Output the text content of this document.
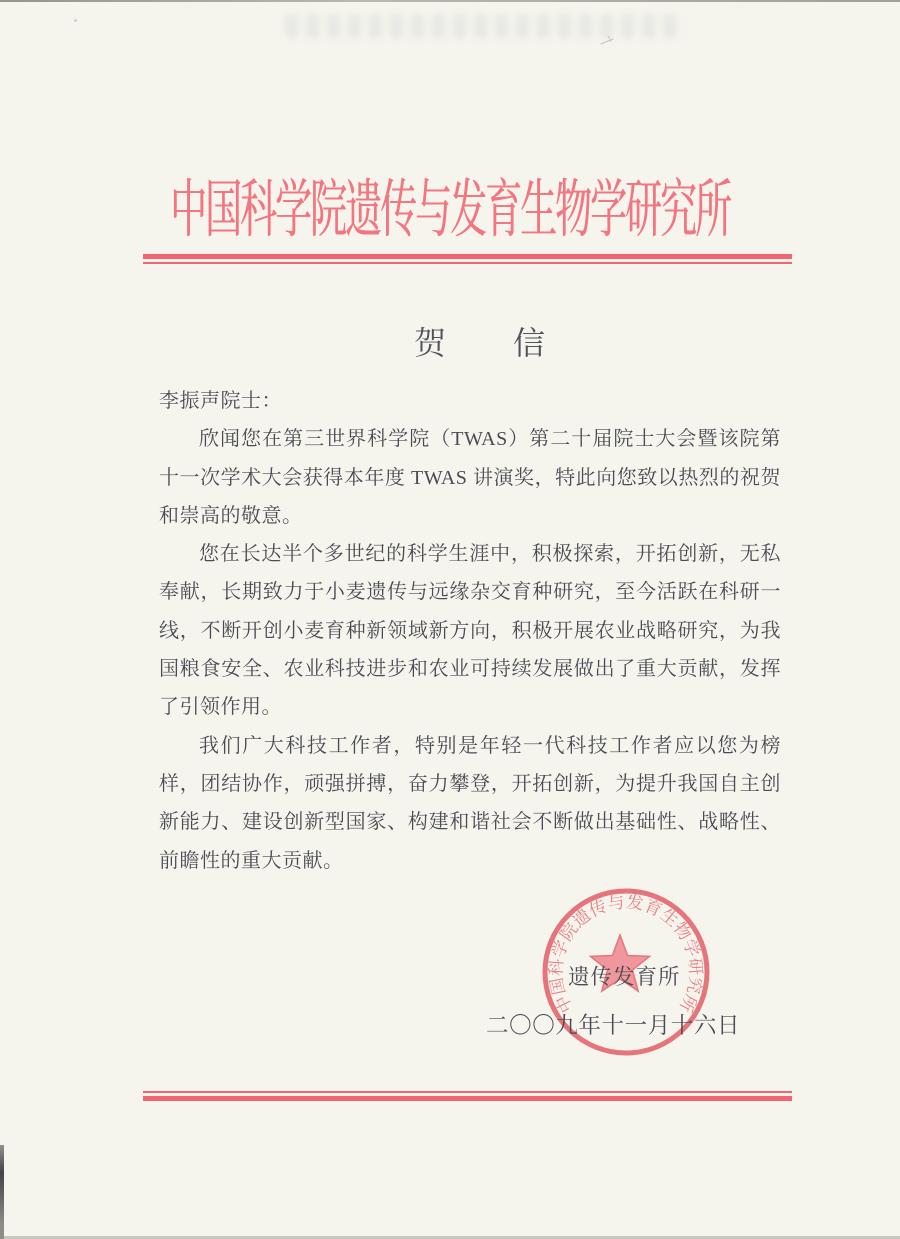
中国科学院遗传与发育生物学研究所
贺　　信

李振声院士：

欣闻您在第三世界科学院（TWAS）第二十届院士大会暨该院第十一次学术大会获得本年度 TWAS 讲演奖，特此向您致以热烈的祝贺和崇高的敬意。

您在长达半个多世纪的科学生涯中，积极探索，开拓创新，无私奉献，长期致力于小麦遗传与远缘杂交育种研究，至今活跃在科研一线，不断开创小麦育种新领域新方向，积极开展农业战略研究，为我国粮食安全、农业科技进步和农业可持续发展做出了重大贡献，发挥了引领作用。

我们广大科技工作者，特别是年轻一代科技工作者应以您为榜样，团结协作，顽强拼搏，奋力攀登，开拓创新，为提升我国自主创新能力、建设创新型国家、构建和谐社会不断做出基础性、战略性、前瞻性的重大贡献。

中国科学院遗传与发育生物学研究所
遗传发育所
二〇〇九年十一月十六日
